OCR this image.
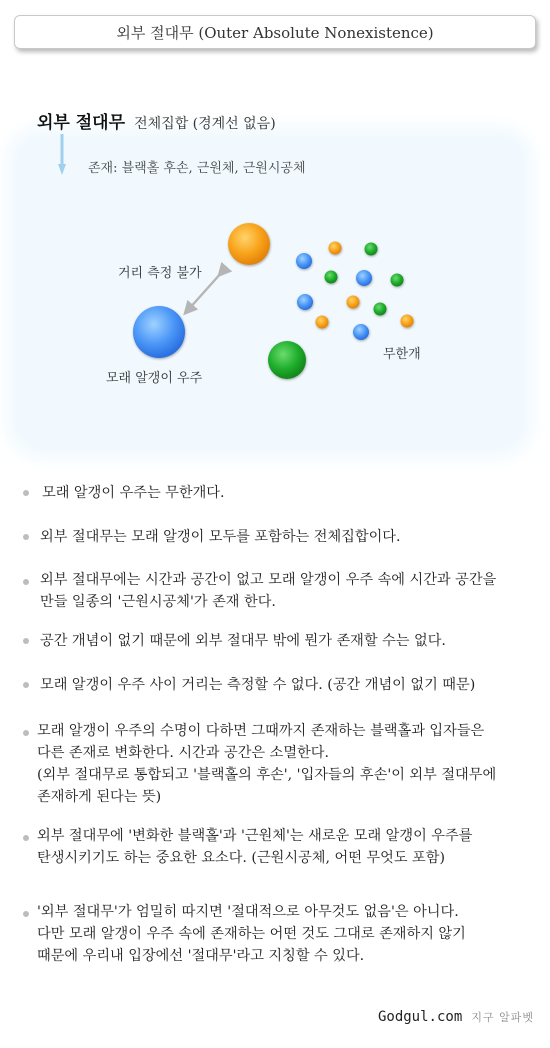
외부 절대무 (Outer Absolute Nonexistence)
외부 절대무 전체집합 (경계선 없음)
존재: 블랙홀 후손, 근원체, 근원시공체
거리 측정 불가
모래 알갱이 우주
무한개
모래 알갱이 우주는 무한개다.
외부 절대무는 모래 알갱이 모두를 포함하는 전체집합이다.
외부 절대무에는 시간과 공간이 없고 모래 알갱이 우주 속에 시간과 공간을
만들 일종의 '근원시공체'가 존재 한다.
공간 개념이 없기 때문에 외부 절대무 밖에 뭔가 존재할 수는 없다.
모래 알갱이 우주 사이 거리는 측정할 수 없다. (공간 개념이 없기 때문)
모래 알갱이 우주의 수명이 다하면 그때까지 존재하는 블랙홀과 입자들은
다른 존재로 변화한다. 시간과 공간은 소멸한다.
(외부 절대무로 통합되고 '블랙홀의 후손', '입자들의 후손'이 외부 절대무에
존재하게 된다는 뜻)
외부 절대무에 '변화한 블랙홀'과 '근원체'는 새로운 모래 알갱이 우주를
탄생시키기도 하는 중요한 요소다. (근원시공체, 어떤 무엇도 포함)
'외부 절대무'가 엄밀히 따지면 '절대적으로 아무것도 없음'은 아니다.
다만 모래 알갱이 우주 속에 존재하는 어떤 것도 그대로 존재하지 않기
때문에 우리내 입장에선 '절대무'라고 지칭할 수 있다.
Godgul.com 지구 알파벳
